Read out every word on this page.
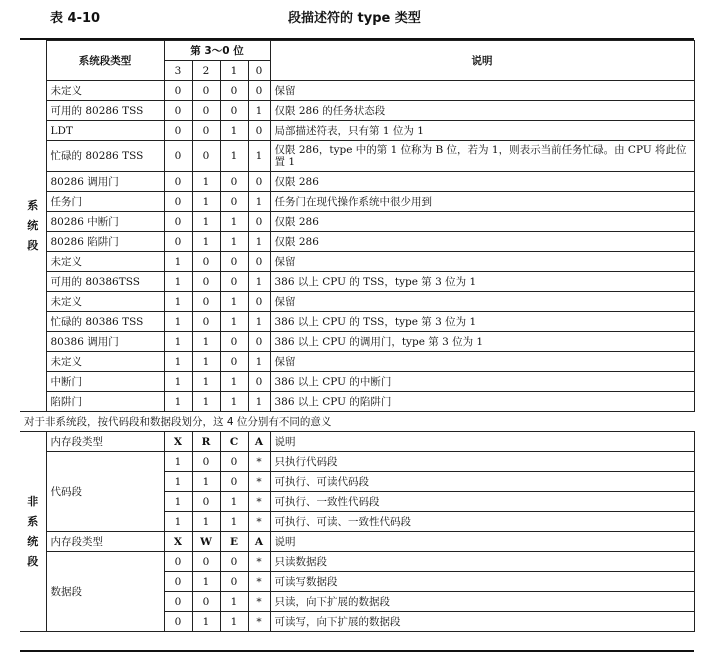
表 4-10	段描述符的 type 类型
系
统
段	系统段类型	第 3～0 位				说明
		3	2	1	0	
	未定义	0	0	0	0	保留
	可用的 80286 TSS	0	0	0	1	仅限 286 的任务状态段
	LDT	0	0	1	0	局部描述符表，只有第 1 位为 1
	忙碌的 80286 TSS	0	0	1	1	仅限 286，type 中的第 1 位称为 B 位，若为 1，则表示当前任务忙碌。由 CPU 将此位置 1
	80286 调用门	0	1	0	0	仅限 286
	任务门	0	1	0	1	任务门在现代操作系统中很少用到
	80286 中断门	0	1	1	0	仅限 286
	80286 陷阱门	0	1	1	1	仅限 286
	未定义	1	0	0	0	保留
	可用的 80386TSS	1	0	0	1	386 以上 CPU 的 TSS，type 第 3 位为 1
	未定义	1	0	1	0	保留
	忙碌的 80386 TSS	1	0	1	1	386 以上 CPU 的 TSS，type 第 3 位为 1
	80386 调用门	1	1	0	0	386 以上 CPU 的调用门，type 第 3 位为 1
	未定义	1	1	0	1	保留
	中断门	1	1	1	0	386 以上 CPU 的中断门
	陷阱门	1	1	1	1	386 以上 CPU 的陷阱门
对于非系统段，按代码段和数据段划分，这 4 位分别有不同的意义						

非
系
统
段	内存段类型	X	R	C	A	说明
	代码段	1	0	0	*	只执行代码段
		1	1	0	*	可执行、可读代码段
		1	0	1	*	可执行、一致性代码段
		1	1	1	*	可执行、可读、一致性代码段
	内存段类型	X	W	E	A	说明
	数据段	0	0	0	*	只读数据段
		0	1	0	*	可读写数据段
		0	0	1	*	只读，向下扩展的数据段
		0	1	1	*	可读写，向下扩展的数据段
